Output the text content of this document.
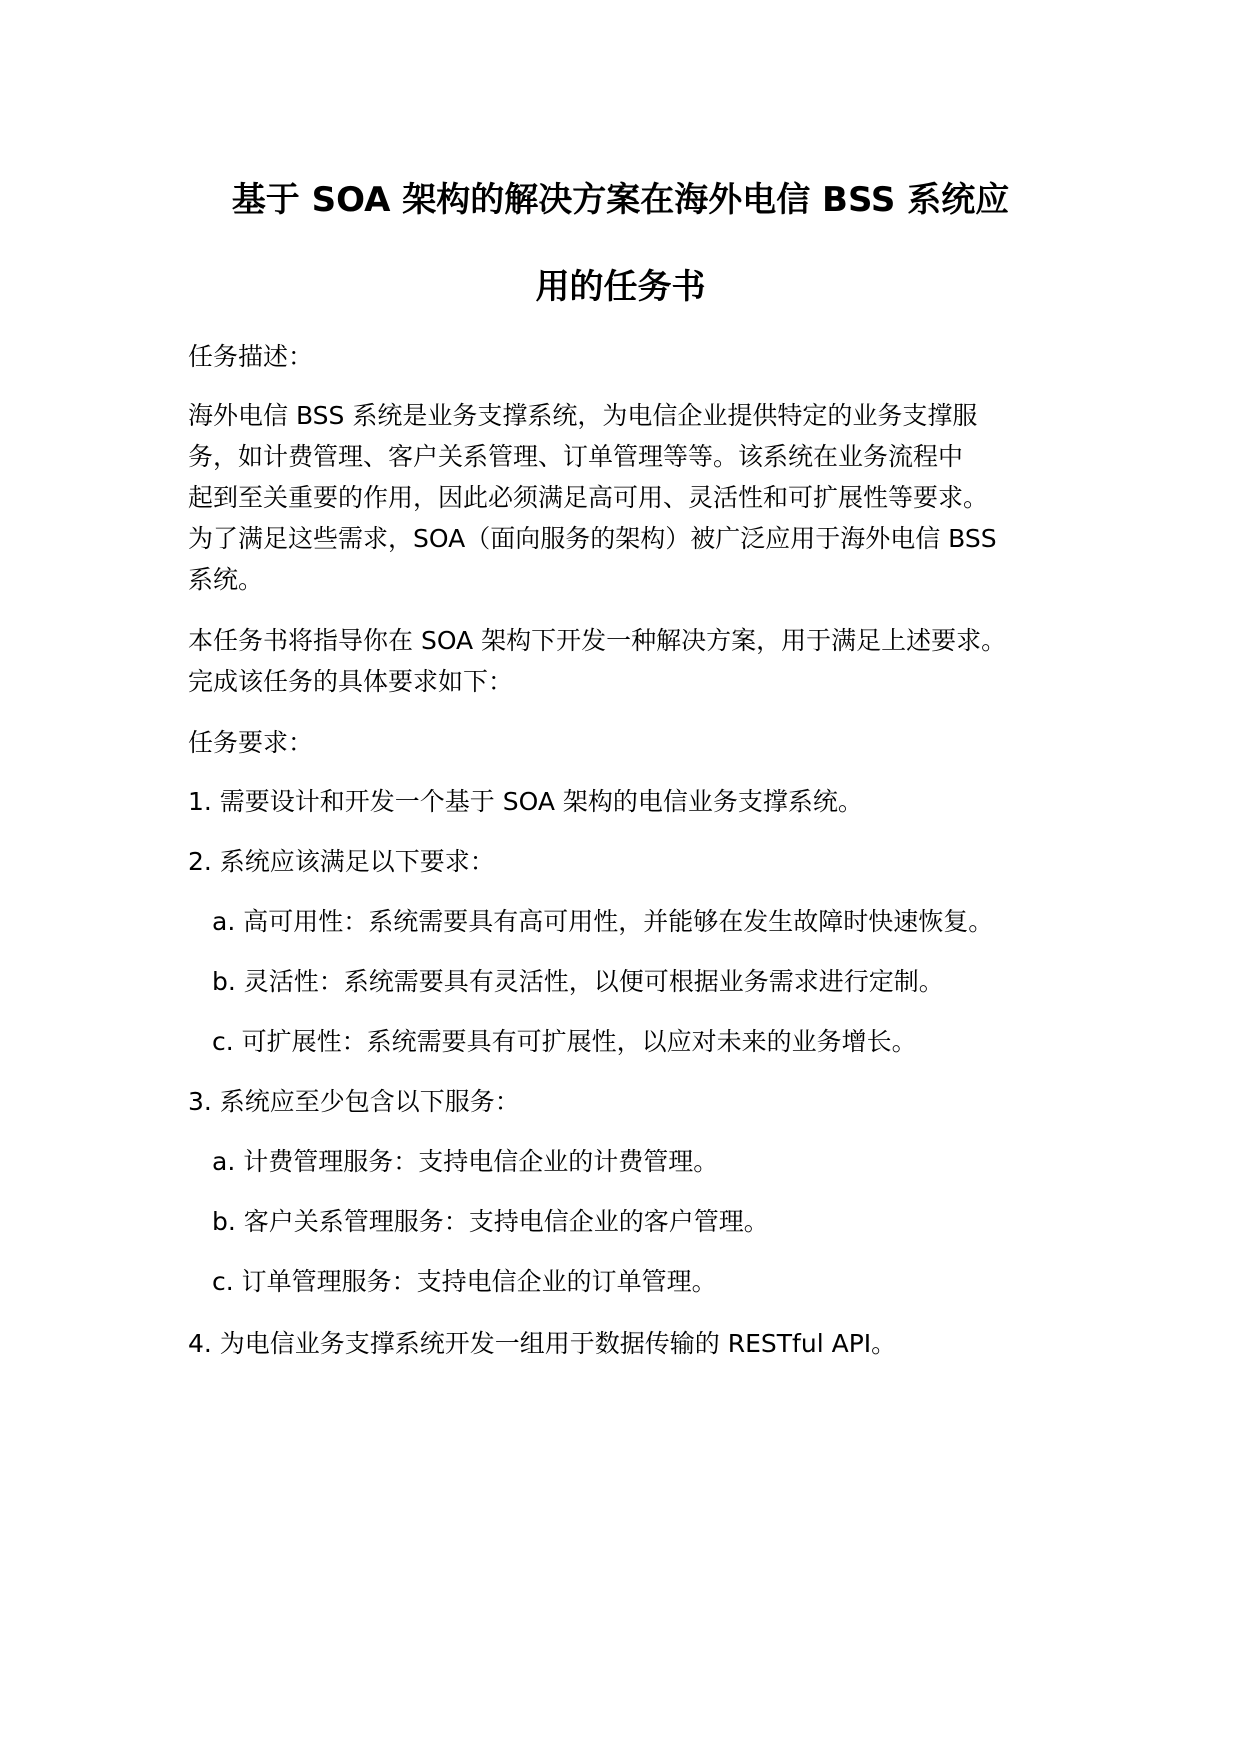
基于 SOA 架构的解决方案在海外电信 BSS 系统应
用的任务书

任务描述：

海外电信 BSS 系统是业务支撑系统，为电信企业提供特定的业务支撑服

务，如计费管理、客户关系管理、订单管理等等。该系统在业务流程中

起到至关重要的作用，因此必须满足高可用、灵活性和可扩展性等要求。

为了满足这些需求，SOA（面向服务的架构）被广泛应用于海外电信 BSS

系统。

本任务书将指导你在 SOA 架构下开发一种解决方案，用于满足上述要求。

完成该任务的具体要求如下：

任务要求：

1. 需要设计和开发一个基于 SOA 架构的电信业务支撑系统。

2. 系统应该满足以下要求：

a. 高可用性：系统需要具有高可用性，并能够在发生故障时快速恢复。

b. 灵活性：系统需要具有灵活性，以便可根据业务需求进行定制。

c. 可扩展性：系统需要具有可扩展性，以应对未来的业务增长。

3. 系统应至少包含以下服务：

a. 计费管理服务：支持电信企业的计费管理。

b. 客户关系管理服务：支持电信企业的客户管理。

c. 订单管理服务：支持电信企业的订单管理。

4. 为电信业务支撑系统开发一组用于数据传输的 RESTful API。
